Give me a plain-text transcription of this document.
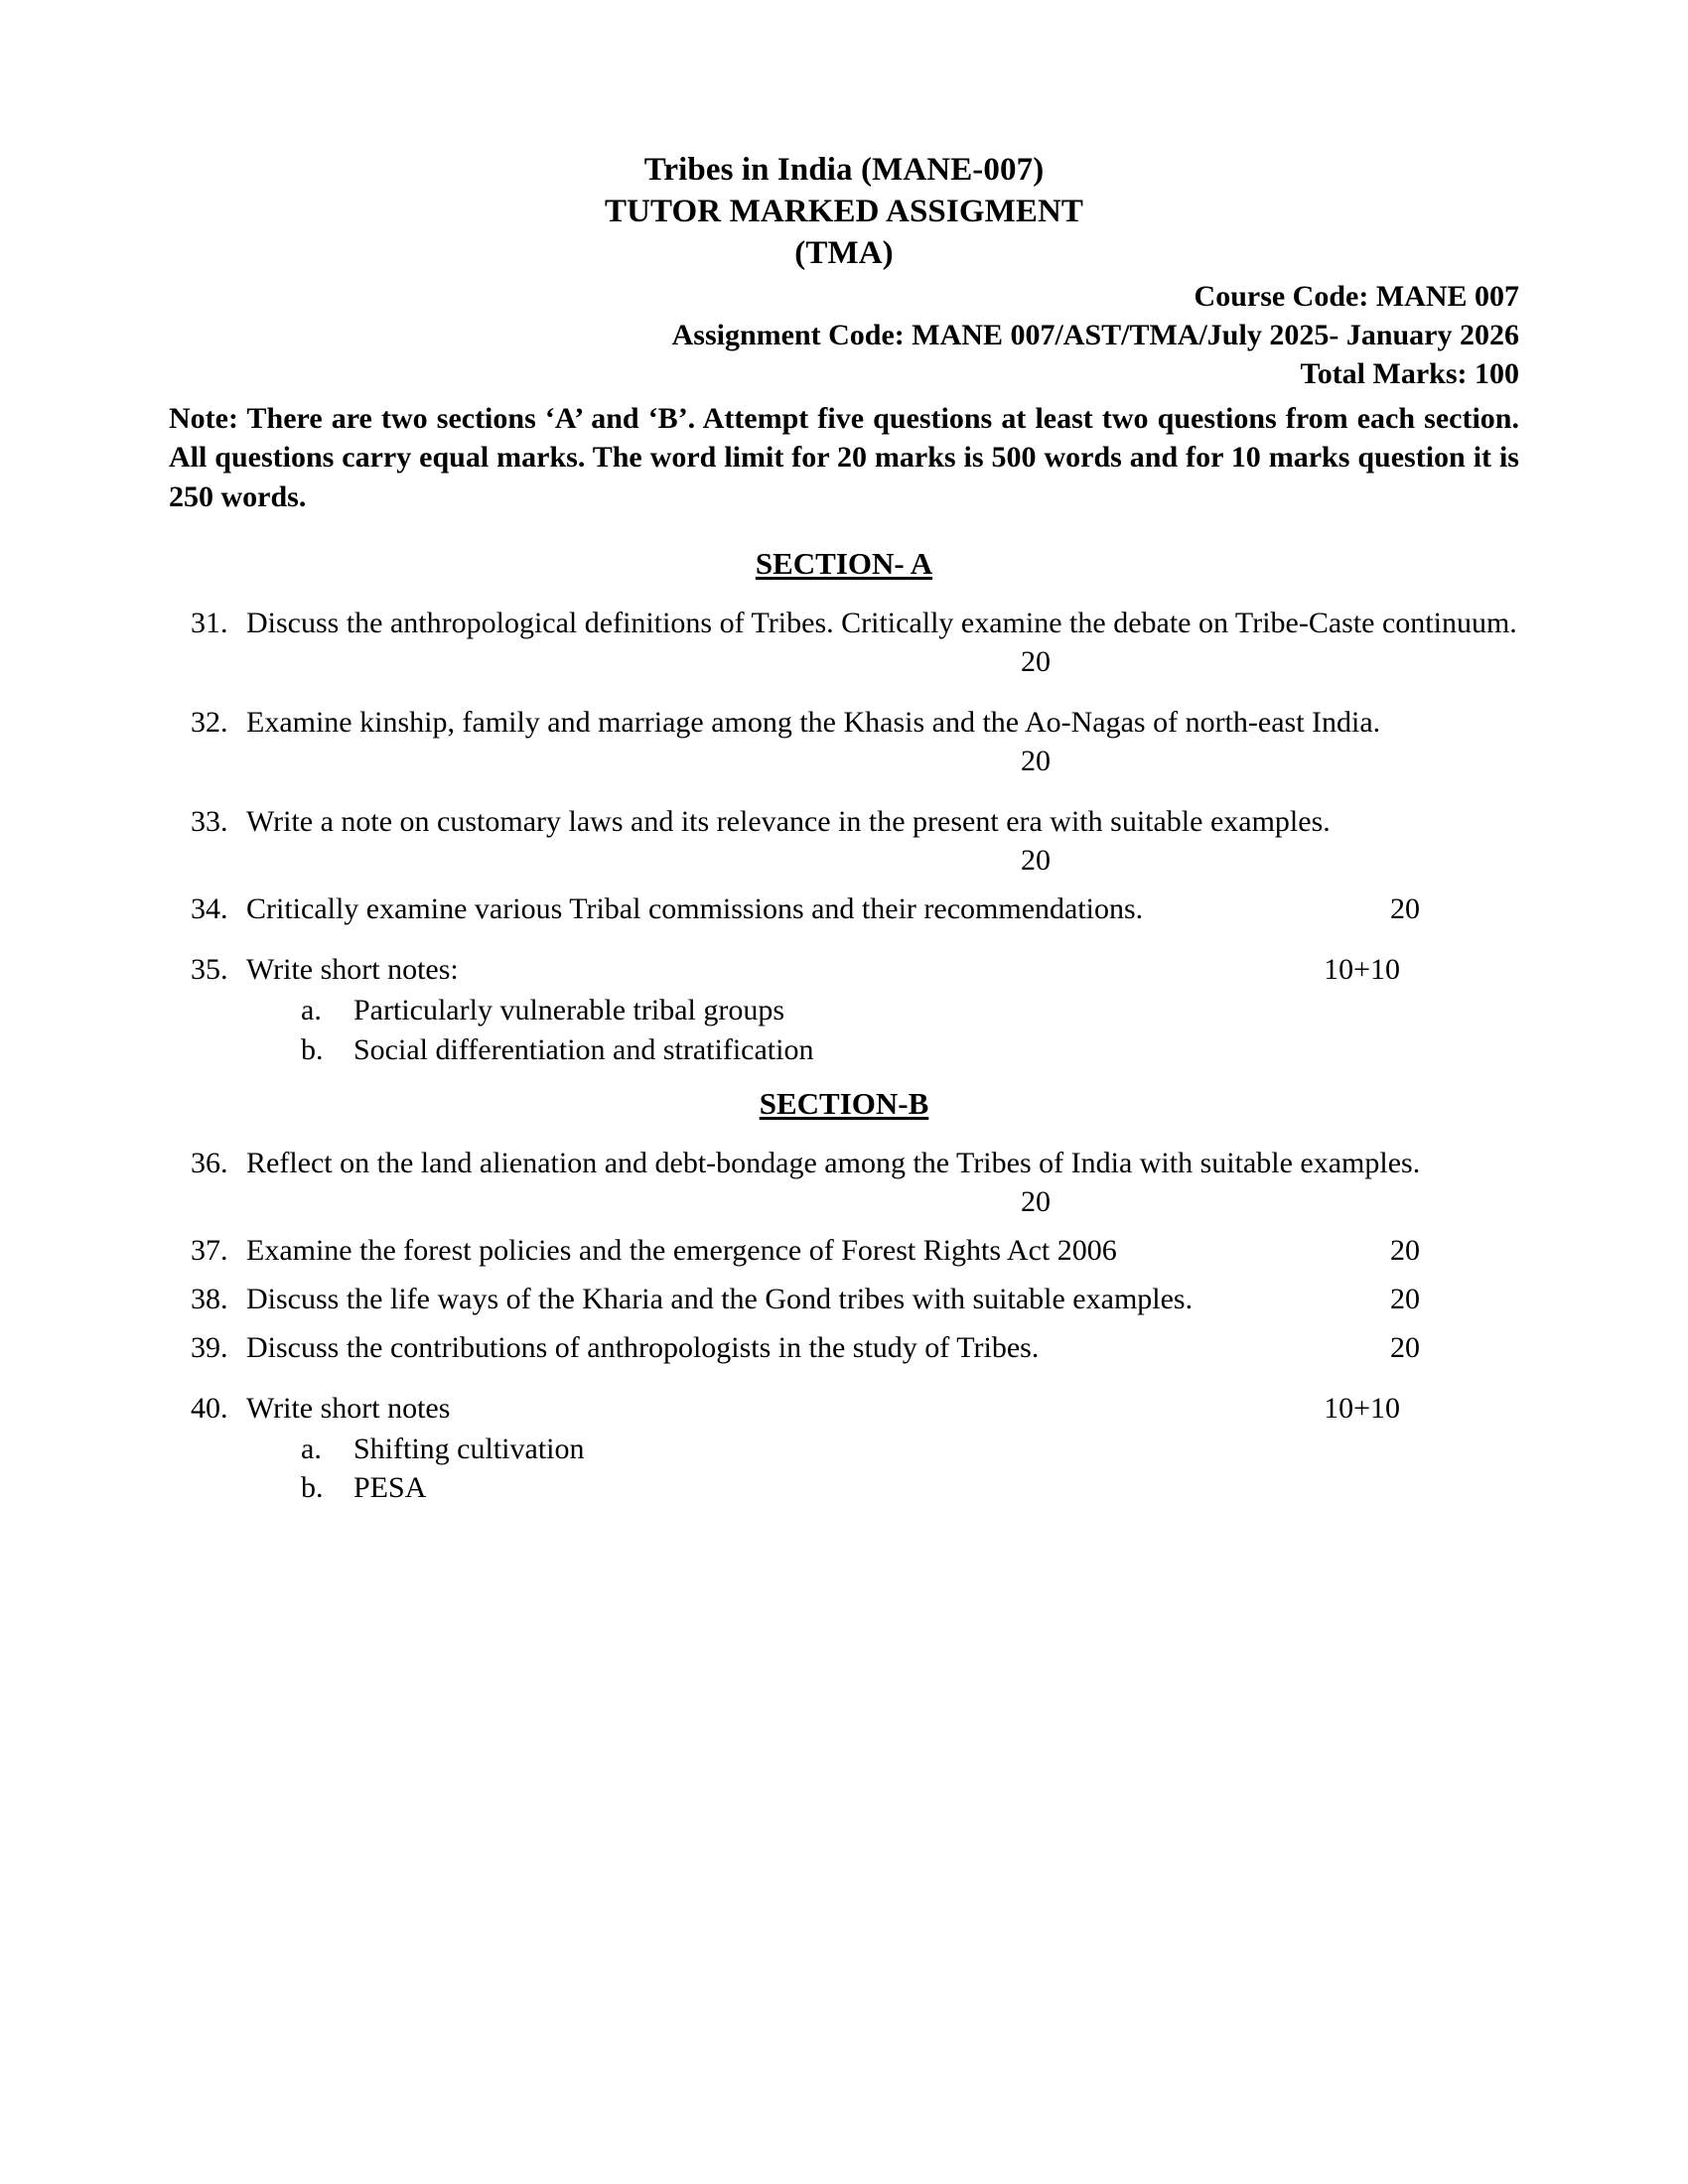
Tribes in India (MANE-007)
TUTOR MARKED ASSIGMENT
(TMA)
Course Code: MANE 007
Assignment Code: MANE 007/AST/TMA/July 2025- January 2026
Total Marks: 100

Note: There are two sections ‘A’ and ‘B’. Attempt five questions at least two questions from each section. All questions carry equal marks. The word limit for 20 marks is 500 words and for 10 marks question it is 250 words.

SECTION- A
31. Discuss the anthropological definitions of Tribes. Critically examine the debate on Tribe-Caste continuum.
20
32. Examine kinship, family and marriage among the Khasis and the Ao-Nagas of north-east India.
20
33. Write a note on customary laws and its relevance in the present era with suitable examples.
20
34.	20
Critically examine various Tribal commissions and their recommendations.
35.	10+10
Write short notes:
a.	Particularly vulnerable tribal groups
b.	Social differentiation and stratification
SECTION-B
36. Reflect on the land alienation and debt-bondage among the Tribes of India with suitable examples.
20
37.	20
Examine the forest policies and the emergence of Forest Rights Act 2006
38.	20
Discuss the life ways of the Kharia and the Gond tribes with suitable examples.
39.	20
Discuss the contributions of anthropologists in the study of Tribes.
40.	10+10
Write short notes
a.	Shifting cultivation
b.	PESA
